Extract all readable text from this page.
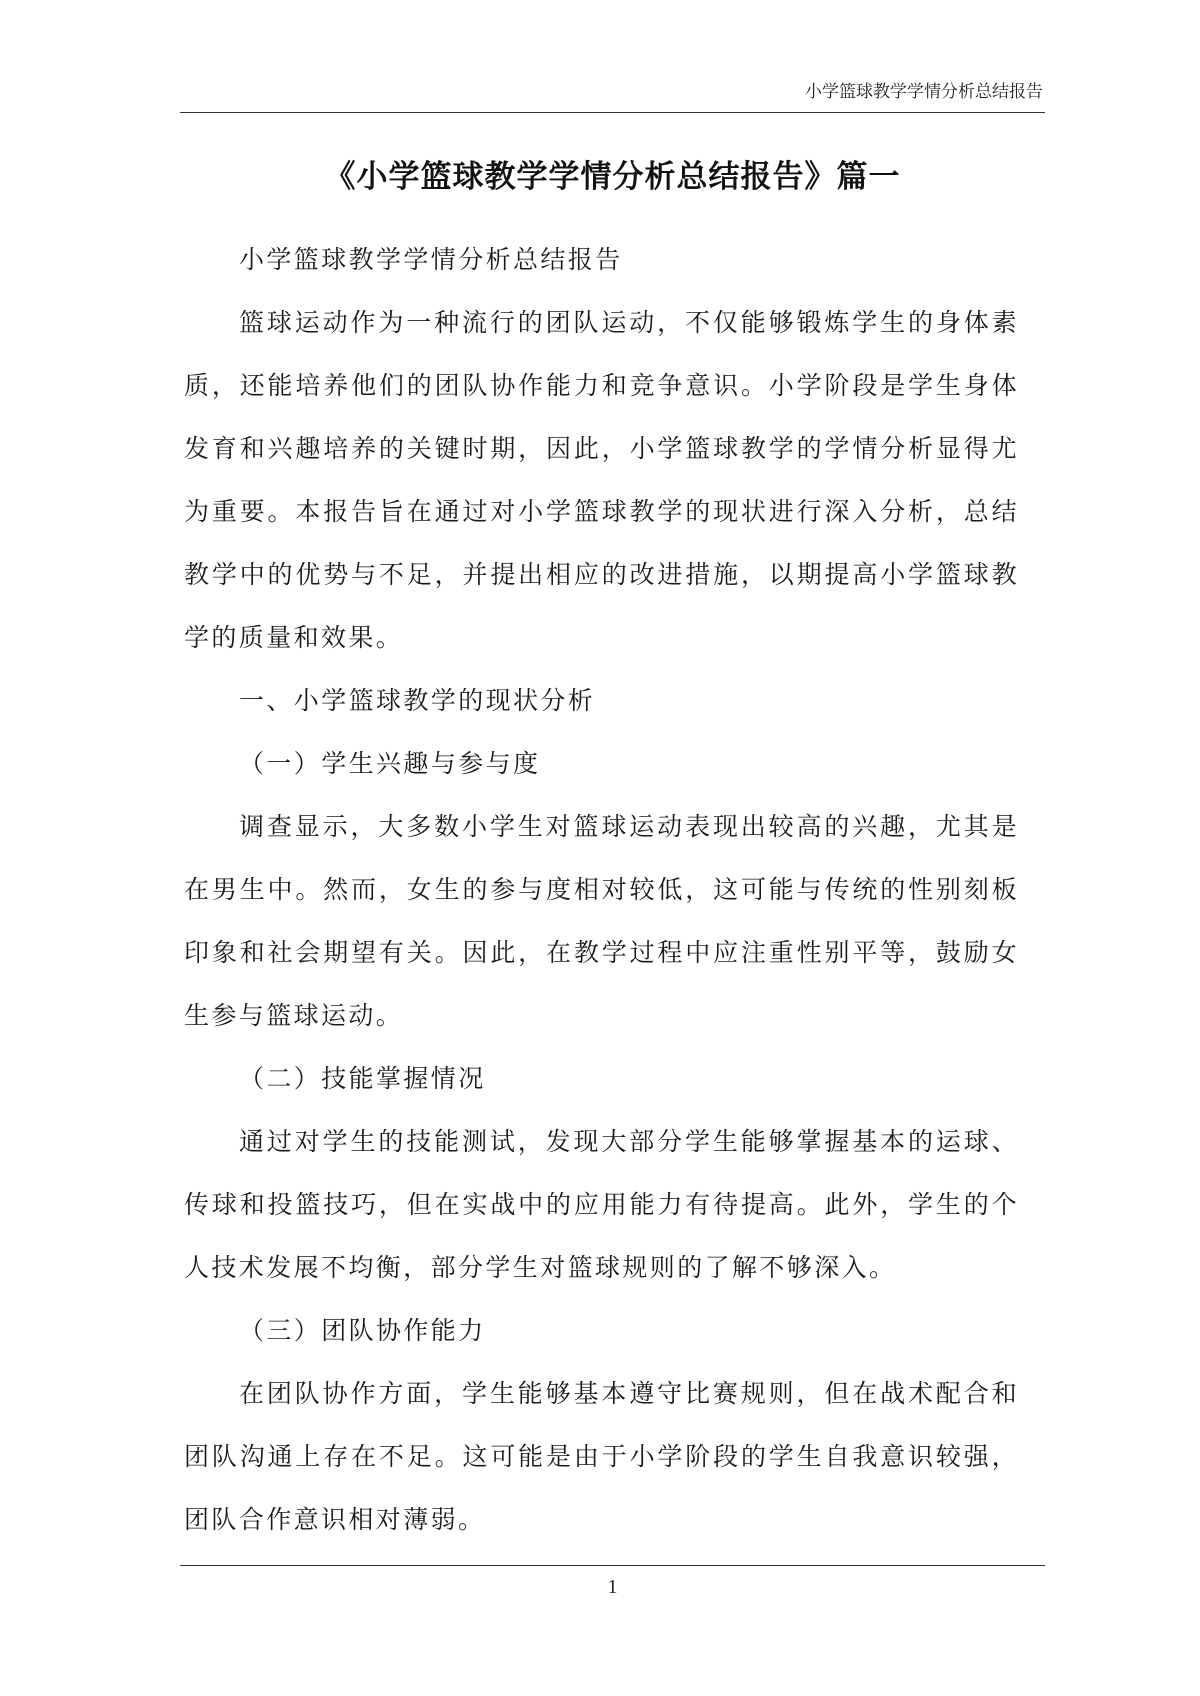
小学篮球教学学情分析总结报告
《小学篮球教学学情分析总结报告》篇一

小学篮球教学学情分析总结报告

篮球运动作为一种流行的团队运动，不仅能够锻炼学生的身体素质，还能培养他们的团队协作能力和竞争意识。小学阶段是学生身体发育和兴趣培养的关键时期，因此，小学篮球教学的学情分析显得尤为重要。本报告旨在通过对小学篮球教学的现状进行深入分析，总结教学中的优势与不足，并提出相应的改进措施，以期提高小学篮球教学的质量和效果。

一、小学篮球教学的现状分析

（一）学生兴趣与参与度

调查显示，大多数小学生对篮球运动表现出较高的兴趣，尤其是在男生中。然而，女生的参与度相对较低，这可能与传统的性别刻板印象和社会期望有关。因此，在教学过程中应注重性别平等，鼓励女生参与篮球运动。

（二）技能掌握情况

通过对学生的技能测试，发现大部分学生能够掌握基本的运球、传球和投篮技巧，但在实战中的应用能力有待提高。此外，学生的个人技术发展不均衡，部分学生对篮球规则的了解不够深入。

（三）团队协作能力

在团队协作方面，学生能够基本遵守比赛规则，但在战术配合和团队沟通上存在不足。这可能是由于小学阶段的学生自我意识较强，团队合作意识相对薄弱。

1
